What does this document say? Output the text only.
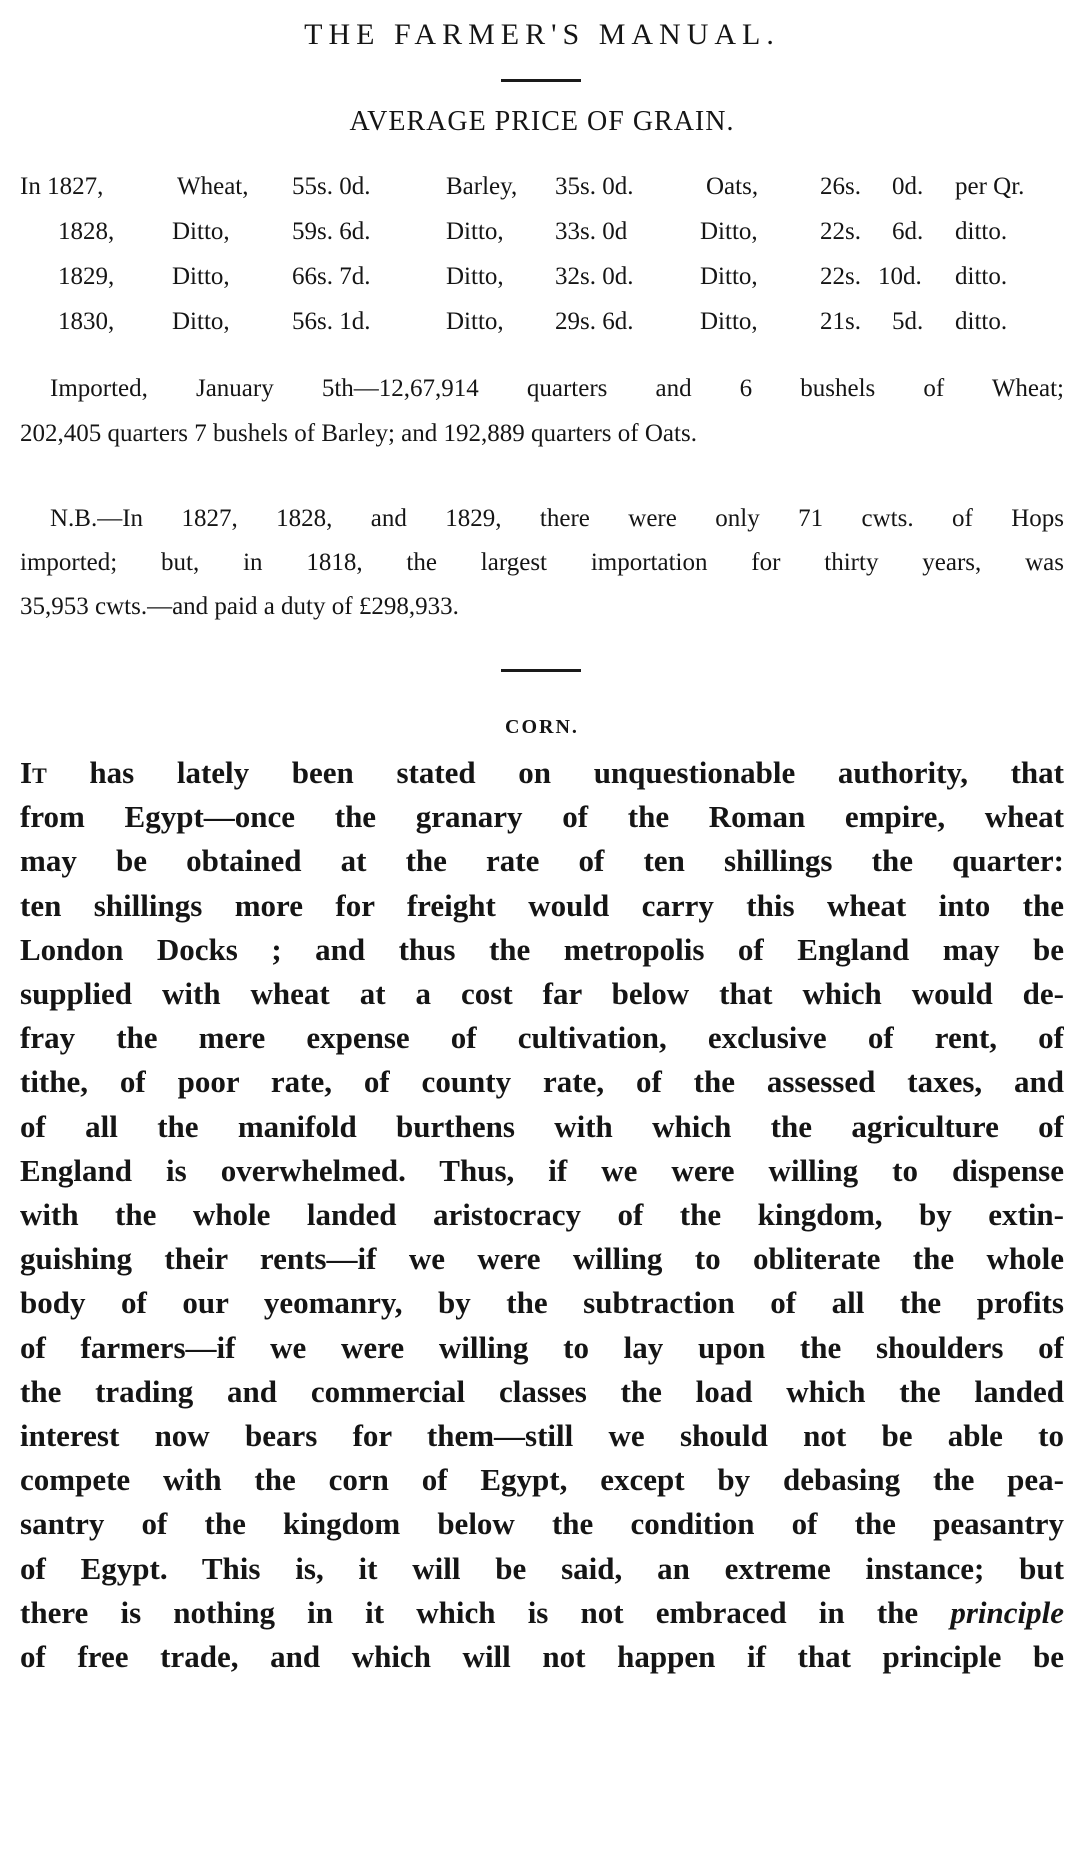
THE FARMER'S MANUAL.
AVERAGE PRICE OF GRAIN.
In 1827,	Wheat, 55s. 0d.	Barley, 35s. 0d.	Oats, 26s. 0d. per Qr.
1828, Ditto, 59s. 6d.	Ditto, 33s. 0d	Ditto, 22s. 6d. ditto.
1829, Ditto, 66s. 7d.	Ditto, 32s. 0d.	Ditto, 22s. 10d. ditto.
1830, Ditto, 56s. 1d.	Ditto, 29s. 6d.	Ditto, 21s. 5d. ditto.
Imported, January 5th—12,67,914 quarters and 6 bushels of Wheat;
202,405 quarters 7 bushels of Barley; and 192,889 quarters of Oats.
N.B.—In 1827, 1828, and 1829, there were only 71 cwts. of Hops
imported; but, in 1818, the largest importation for thirty years, was
35,953 cwts.—and paid a duty of £298,933.
CORN.
It has lately been stated on unquestionable authority, that
from Egypt—once the granary of the Roman empire, wheat
may be obtained at the rate of ten shillings the quarter:
ten shillings more for freight would carry this wheat into the
London Docks ; and thus the metropolis of England may be
supplied with wheat at a cost far below that which would de-
fray the mere expense of cultivation, exclusive of rent, of
tithe, of poor rate, of county rate, of the assessed taxes, and
of all the manifold burthens with which the agriculture of
England is overwhelmed. Thus, if we were willing to dispense
with the whole landed aristocracy of the kingdom, by extin-
guishing their rents—if we were willing to obliterate the whole
body of our yeomanry, by the subtraction of all the profits
of farmers—if we were willing to lay upon the shoulders of
the trading and commercial classes the load which the landed
interest now bears for them—still we should not be able to
compete with the corn of Egypt, except by debasing the pea-
santry of the kingdom below the condition of the peasantry
of Egypt. This is, it will be said, an extreme instance; but
there is nothing in it which is not embraced in the principle
of free trade, and which will not happen if that principle be
